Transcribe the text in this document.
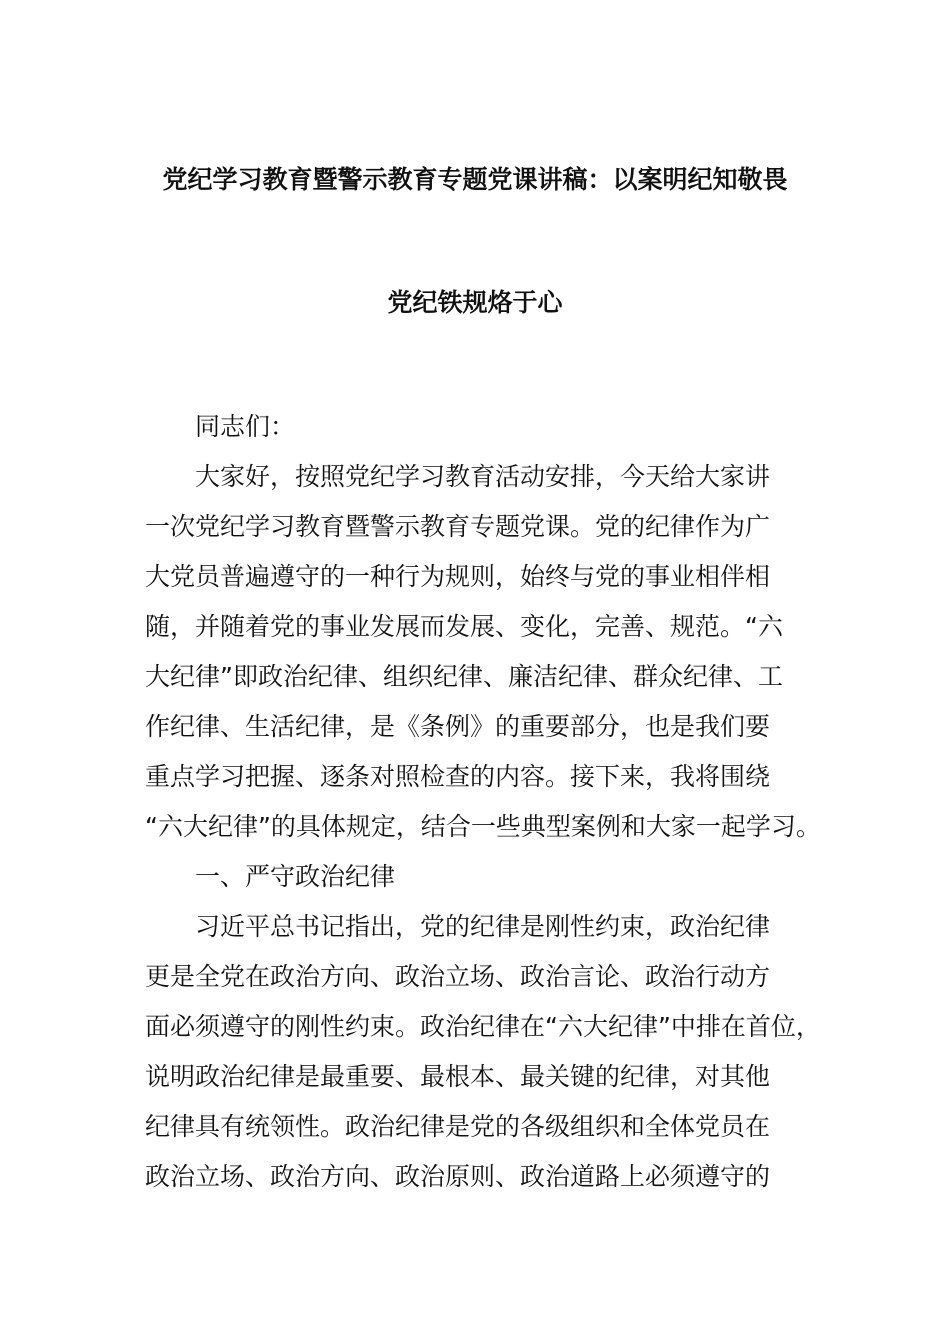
党纪学习教育暨警示教育专题党课讲稿：以案明纪知敬畏
党纪铁规烙于心
同志们：
大家好，按照党纪学习教育活动安排，今天给大家讲
一次党纪学习教育暨警示教育专题党课。党的纪律作为广
大党员普遍遵守的一种行为规则，始终与党的事业相伴相
随，并随着党的事业发展而发展、变化，完善、规范。“六
大纪律”即政治纪律、组织纪律、廉洁纪律、群众纪律、工
作纪律、生活纪律，是《条例》的重要部分，也是我们要
重点学习把握、逐条对照检查的内容。接下来，我将围绕
“六大纪律”的具体规定，结合一些典型案例和大家一起学习。
一、严守政治纪律
习近平总书记指出，党的纪律是刚性约束，政治纪律
更是全党在政治方向、政治立场、政治言论、政治行动方
面必须遵守的刚性约束。政治纪律在“六大纪律”中排在首位，
说明政治纪律是最重要、最根本、最关键的纪律，对其他
纪律具有统领性。政治纪律是党的各级组织和全体党员在
政治立场、政治方向、政治原则、政治道路上必须遵守的
